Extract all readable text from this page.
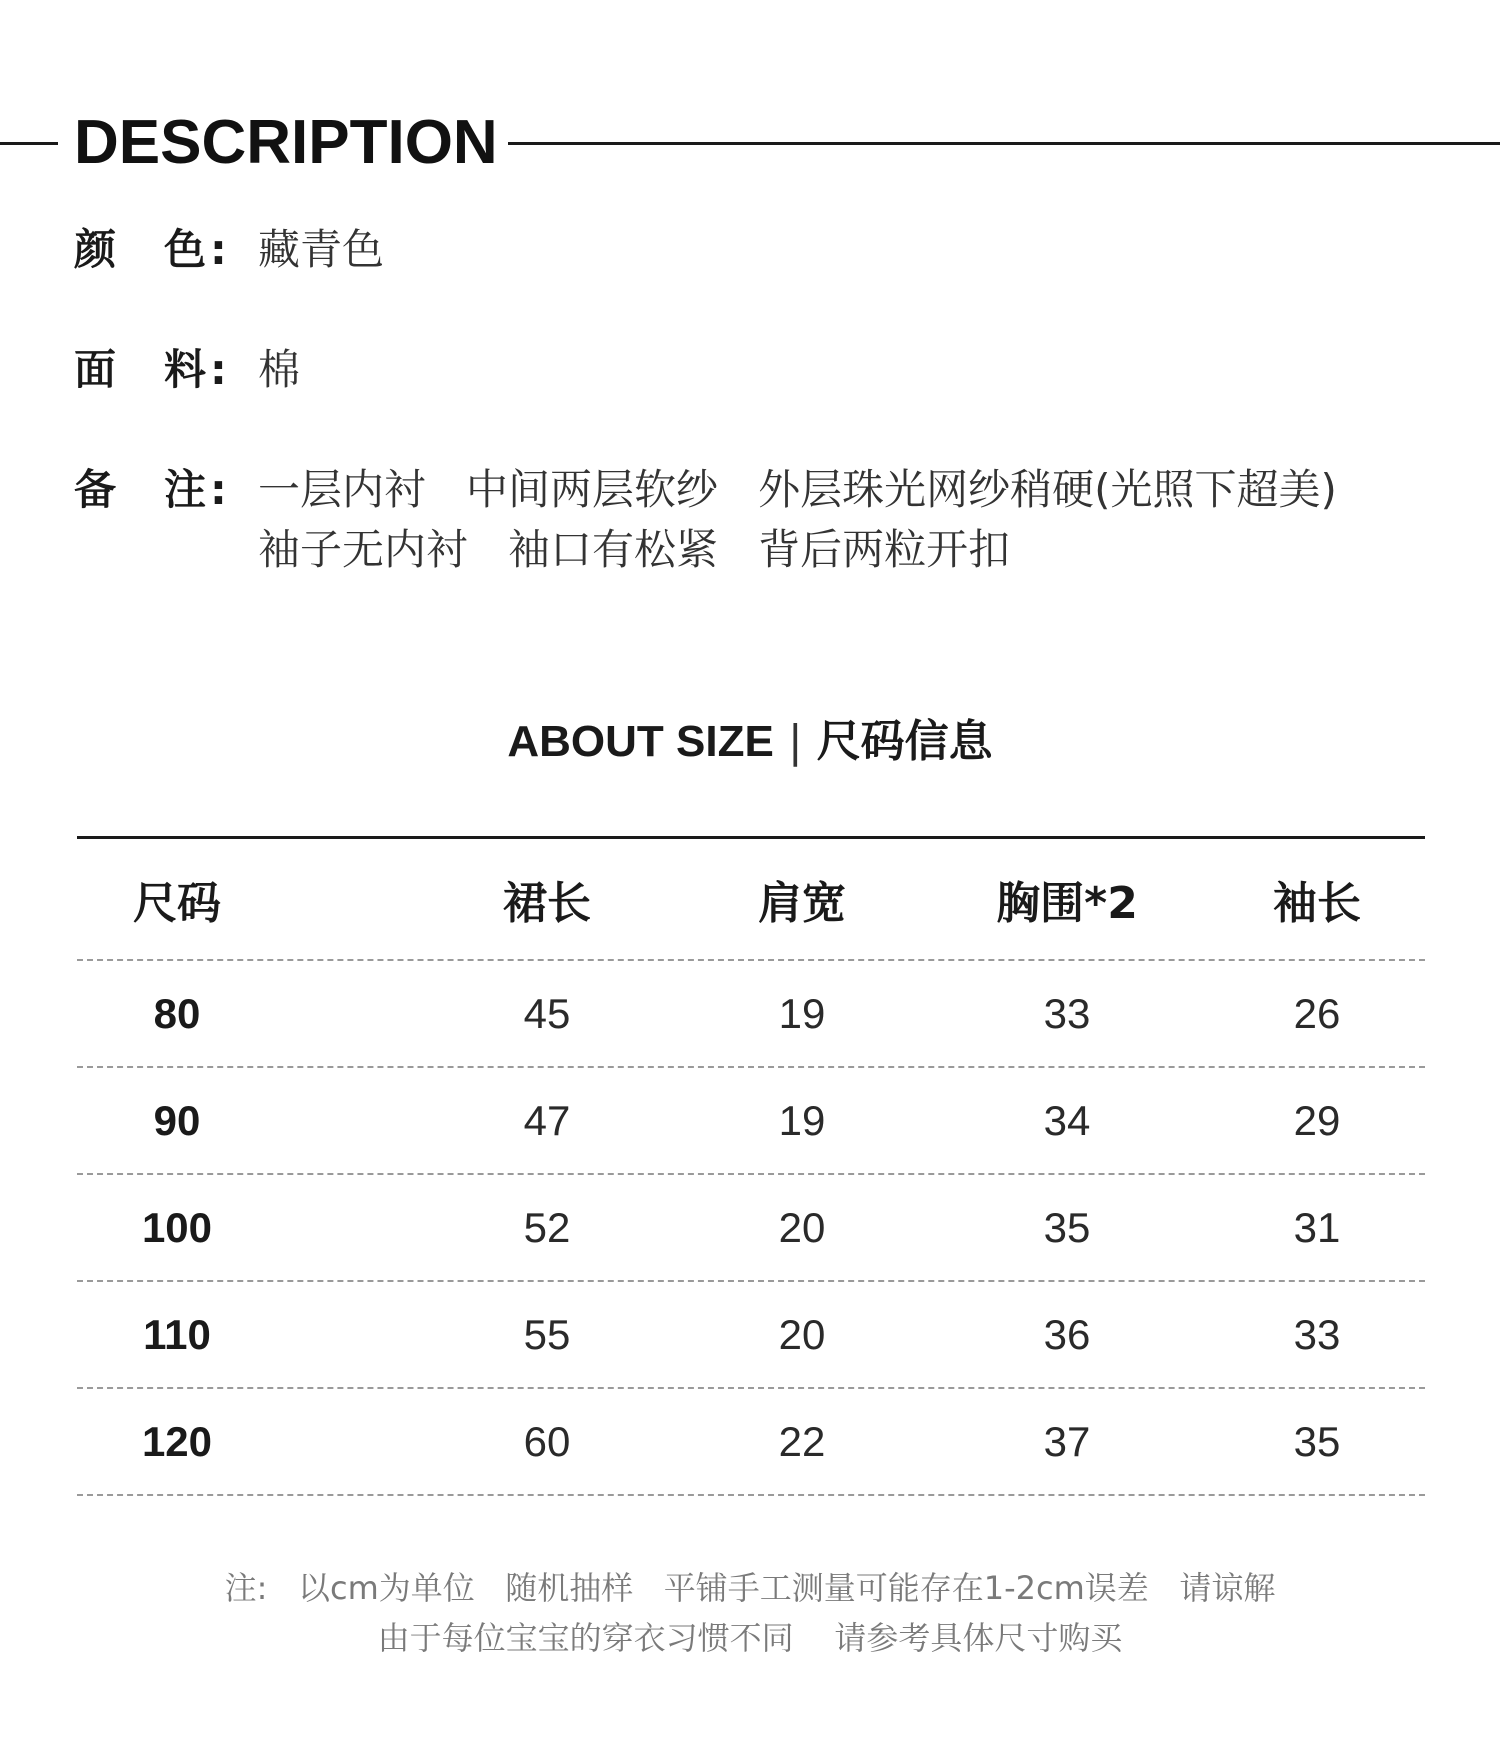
DESCRIPTION
颜 色 : 藏青色
面 料 : 棉
备 注 : 一层内衬   中间两层软纱   外层珠光网纱稍硬(光照下超美)
袖子无内衬   袖口有松紧   背后两粒开扣
ABOUT SIZE | 尺码信息
尺码	裙长	肩宽	胸围*2	袖长
80	45	19	33	26
90	47	19	34	29
100	52	20	35	31
110	55	20	36	33
120	60	22	37	35
注:   以cm为单位   随机抽样   平铺手工测量可能存在1-2cm误差   请谅解
由于每位宝宝的穿衣习惯不同    请参考具体尺寸购买
